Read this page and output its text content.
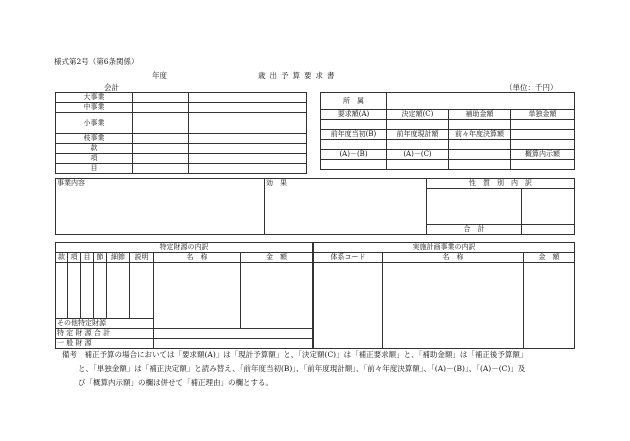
様式第2号（第6条関係）
年度	歳出予算要求書
会計	（単位：千円）
大事業		
中事業		
小事業		
枝事業		
款		
項		
目		
所　属			
要求額(A)	決定額(C)	補助金額	単独金額

前年度当初(B)	前年度現計額	前々年度決算額	

(A)－(B)	(A)－(C)		概算内示額

事業内容	効　果	性　質　別　内　訳	

		合　計	
特定財源の内訳							
款	項	目	節	細節	説明	名　称	金　額

その他特定財源							
特 定 財 源 合 計							
一 般 財 源							
実施計画事業の内訳		
体系コード	名　称	金　額

備考　補正予算の場合においては「要求額(A)」は「現計予算額」と、「決定額(C)」は「補正要求額」と、「補助金額」は「補正後予算額」
と、「単独金額」は「補正決定額」と読み替え、「前年度当初(B)」、「前年度現計額」、「前々年度決算額」、「(A)－(B)」、「(A)－(C)」及
び「概算内示額」の欄は併せて「補正理由」の欄とする。
